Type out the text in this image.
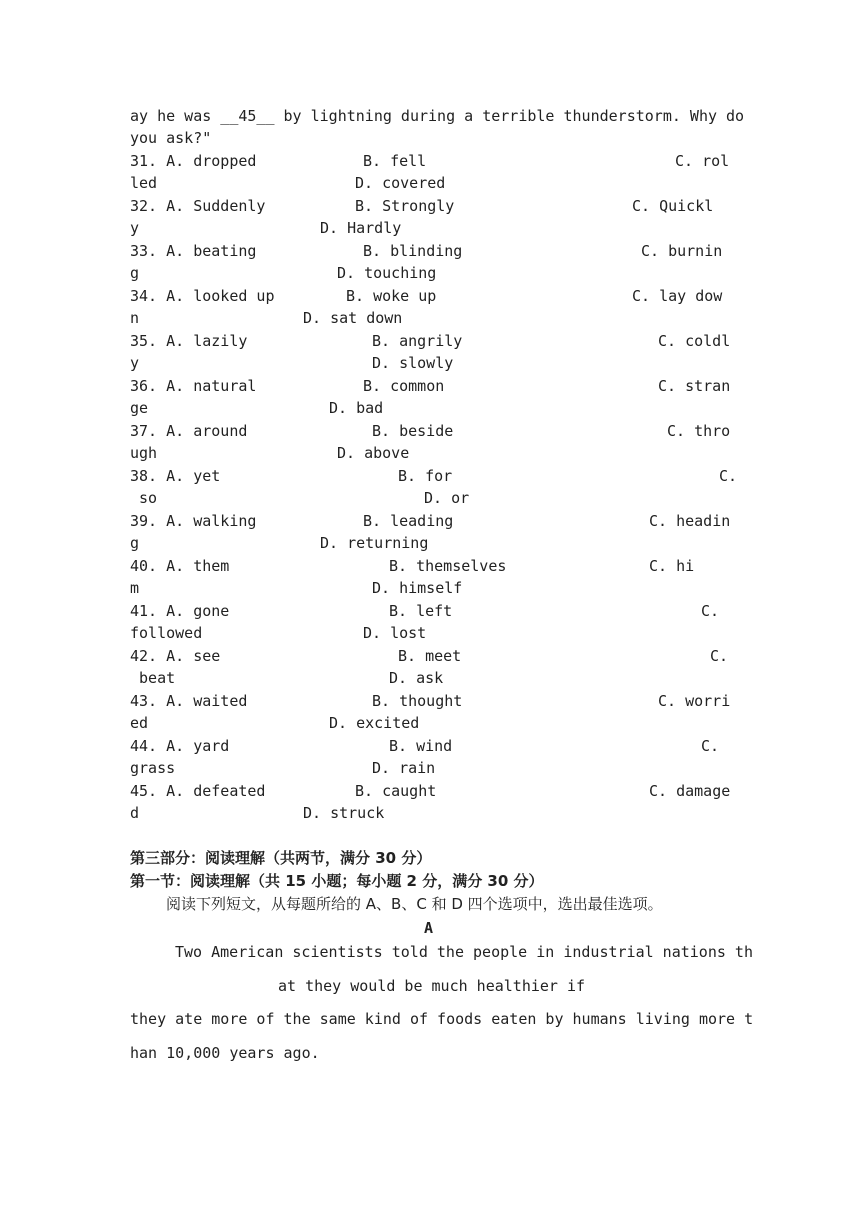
ay he was __45__ by lightning during a terrible thunderstorm. Why do
you ask?"
31. A. dropped	B. fell	C. rol
led	D. covered
32. A. Suddenly	B. Strongly	C. Quickl
y	D. Hardly
33. A. beating	B. blinding	C. burnin
g	D. touching
34. A. looked up	B. woke up	C. lay dow
n	D. sat down
35. A. lazily	B. angrily	C. coldl
y	D. slowly
36. A. natural	B. common	C. stran
ge	D. bad
37. A. around	B. beside	C. thro
ugh	D. above
38. A. yet	B. for	C.
so	D. or
39. A. walking	B. leading	C. headin
g	D. returning
40. A. them	B. themselves	C. hi
m	D. himself
41. A. gone	B. left	C.
followed	D. lost
42. A. see	B. meet	C.
beat	D. ask
43. A. waited	B. thought	C. worri
ed	D. excited
44. A. yard	B. wind	C.
grass	D. rain
45. A. defeated	B. caught	C. damage
d	D. struck
第三部分：阅读理解（共两节，满分 30 分）
第一节：阅读理解（共 15 小题；每小题 2 分，满分 30 分）
阅读下列短文，从每题所给的 A、B、C 和 D 四个选项中，选出最佳选项。
A
Two American scientists told the people in industrial nations th
at they would be much healthier if
they ate more of the same kind of foods eaten by humans living more t
han 10,000 years ago.
